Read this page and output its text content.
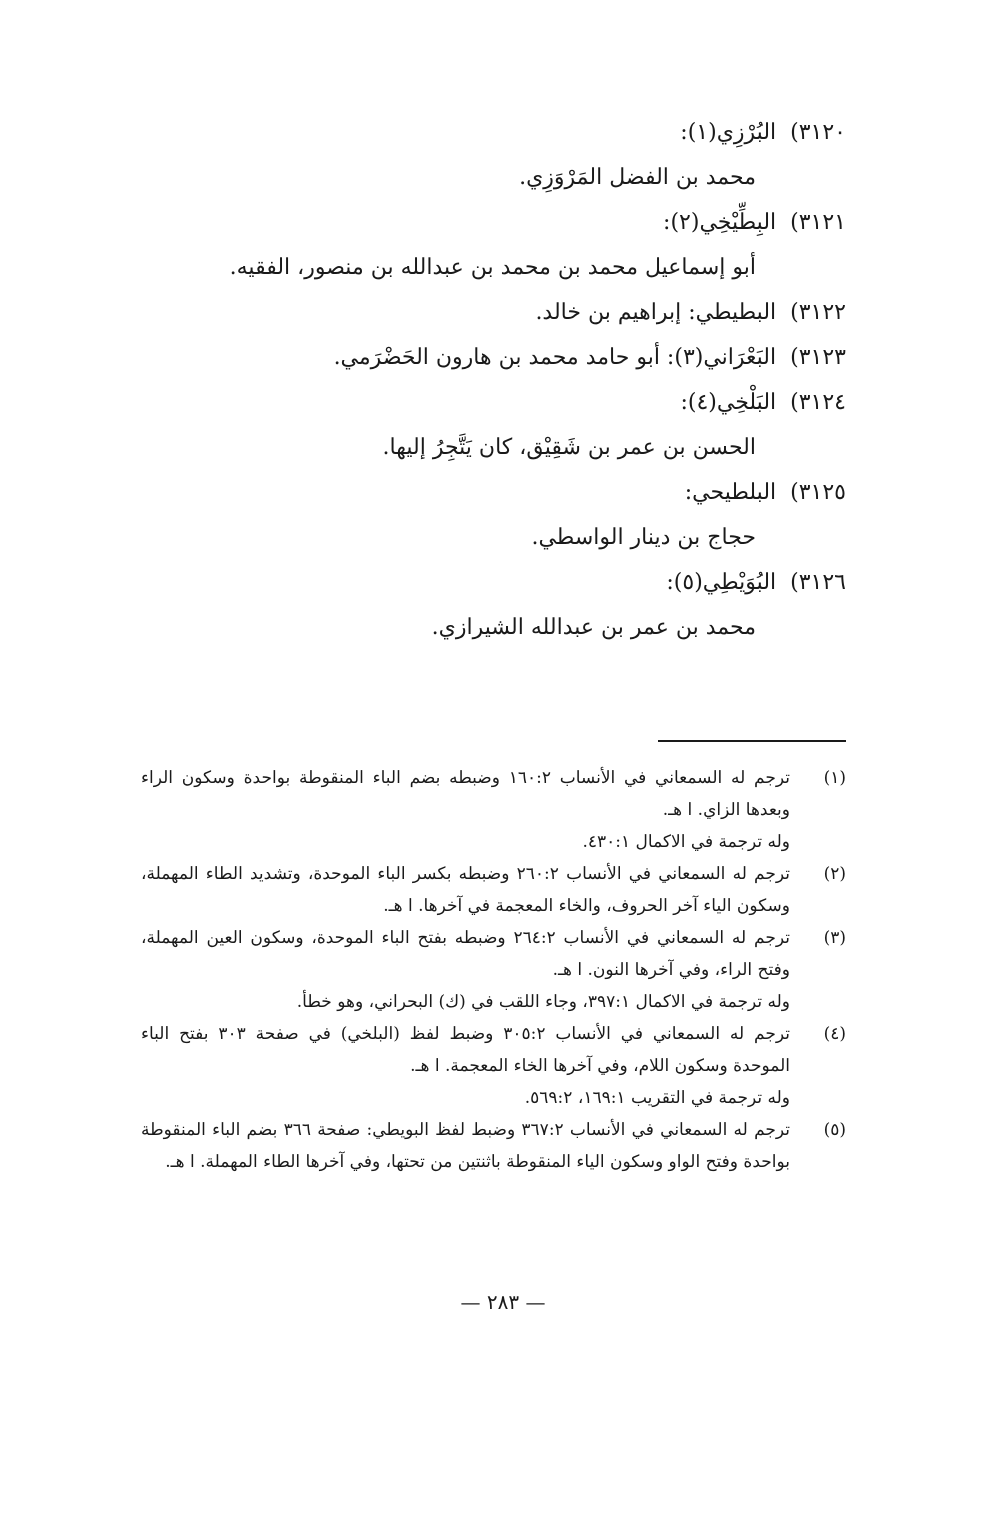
٣١٢٠)البُرْزِي(١):
محمد بن الفضل المَرْوَزِي.
٣١٢١)البِطِّيْخِي(٢):
أبو إسماعيل محمد بن محمد بن عبدالله بن منصور، الفقيه.
٣١٢٢)البطيطي: إبراهيم بن خالد.
٣١٢٣)البَعْرَاني(٣): أبو حامد محمد بن هارون الحَضْرَمي.
٣١٢٤)البَلْخِي(٤):
الحسن بن عمر بن شَقِيْق، كان يَتَّجِرُ إليها.
٣١٢٥)البلطيحي:
حجاج بن دينار الواسطي.
٣١٢٦)البُوَيْطِي(٥):
محمد بن عمر بن عبدالله الشيرازي.
(١)
ترجم له السمعاني في الأنساب ١٦٠:٢ وضبطه بضم الباء المنقوطة بواحدة وسكون الراء وبعدها الزاي. ا هـ.
وله ترجمة في الاكمال ٤٣٠:١.
(٢)
ترجم له السمعاني في الأنساب ٢٦٠:٢ وضبطه بكسر الباء الموحدة، وتشديد الطاء المهملة، وسكون الياء آخر الحروف، والخاء المعجمة في آخرها. ا هـ.
(٣)
ترجم له السمعاني في الأنساب ٢٦٤:٢ وضبطه بفتح الباء الموحدة، وسكون العين المهملة، وفتح الراء، وفي آخرها النون. ا هـ.
وله ترجمة في الاكمال ٣٩٧:١، وجاء اللقب في (ك) البحراني، وهو خطأ.
(٤)
ترجم له السمعاني في الأنساب ٣٠٥:٢ وضبط لفظ (البلخي) في صفحة ٣٠٣ بفتح الباء الموحدة وسكون اللام، وفي آخرها الخاء المعجمة. ا هـ.
وله ترجمة في التقريب ١٦٩:١، ٥٦٩:٢.
(٥)
ترجم له السمعاني في الأنساب ٣٦٧:٢ وضبط لفظ البويطي: صفحة ٣٦٦ بضم الباء المنقوطة بواحدة وفتح الواو وسكون الياء المنقوطة باثنتين من تحتها، وفي آخرها الطاء المهملة. ا هـ.
— ٢٨٣ —
